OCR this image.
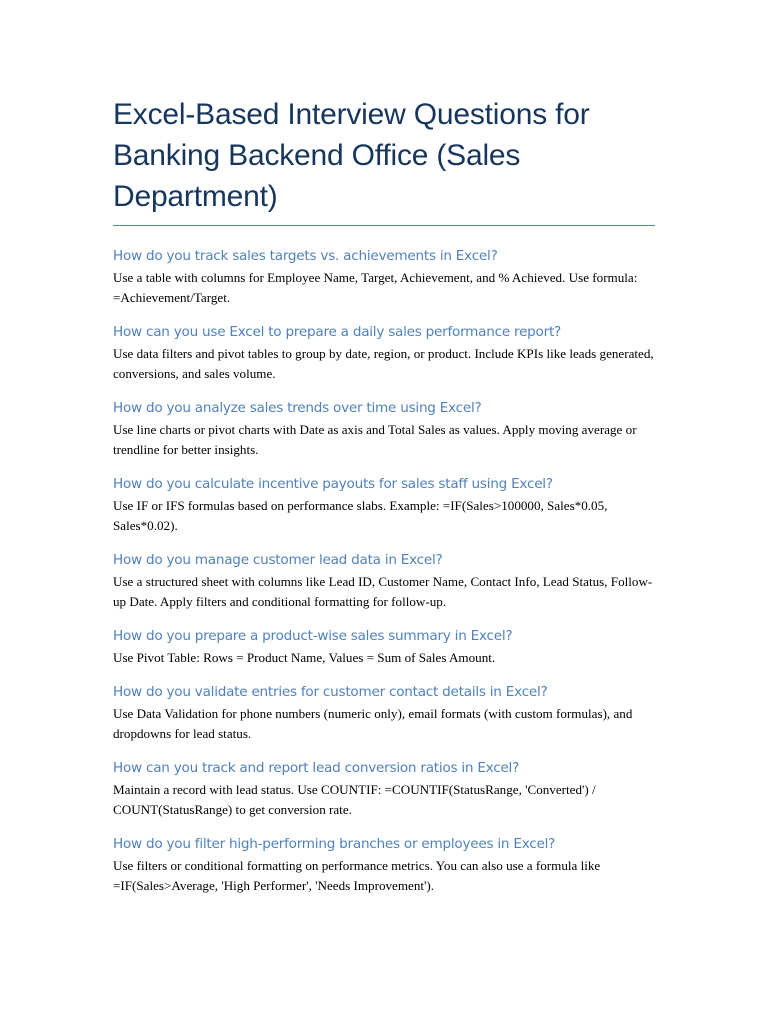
Excel-Based Interview Questions for Banking Backend Office (Sales Department)
How do you track sales targets vs. achievements in Excel?

Use a table with columns for Employee Name, Target, Achievement, and % Achieved. Use formula: =Achievement/Target.

How can you use Excel to prepare a daily sales performance report?

Use data filters and pivot tables to group by date, region, or product. Include KPIs like leads generated, conversions, and sales volume.

How do you analyze sales trends over time using Excel?

Use line charts or pivot charts with Date as axis and Total Sales as values. Apply moving average or trendline for better insights.

How do you calculate incentive payouts for sales staff using Excel?

Use IF or IFS formulas based on performance slabs. Example: =IF(Sales>100000, Sales*0.05, Sales*0.02).

How do you manage customer lead data in Excel?

Use a structured sheet with columns like Lead ID, Customer Name, Contact Info, Lead Status, Follow-up Date. Apply filters and conditional formatting for follow-up.

How do you prepare a product-wise sales summary in Excel?

Use Pivot Table: Rows = Product Name, Values = Sum of Sales Amount.

How do you validate entries for customer contact details in Excel?

Use Data Validation for phone numbers (numeric only), email formats (with custom formulas), and dropdowns for lead status.

How can you track and report lead conversion ratios in Excel?

Maintain a record with lead status. Use COUNTIF: =COUNTIF(StatusRange, 'Converted') / COUNT(StatusRange) to get conversion rate.

How do you filter high-performing branches or employees in Excel?

Use filters or conditional formatting on performance metrics. You can also use a formula like =IF(Sales>Average, 'High Performer', 'Needs Improvement').
